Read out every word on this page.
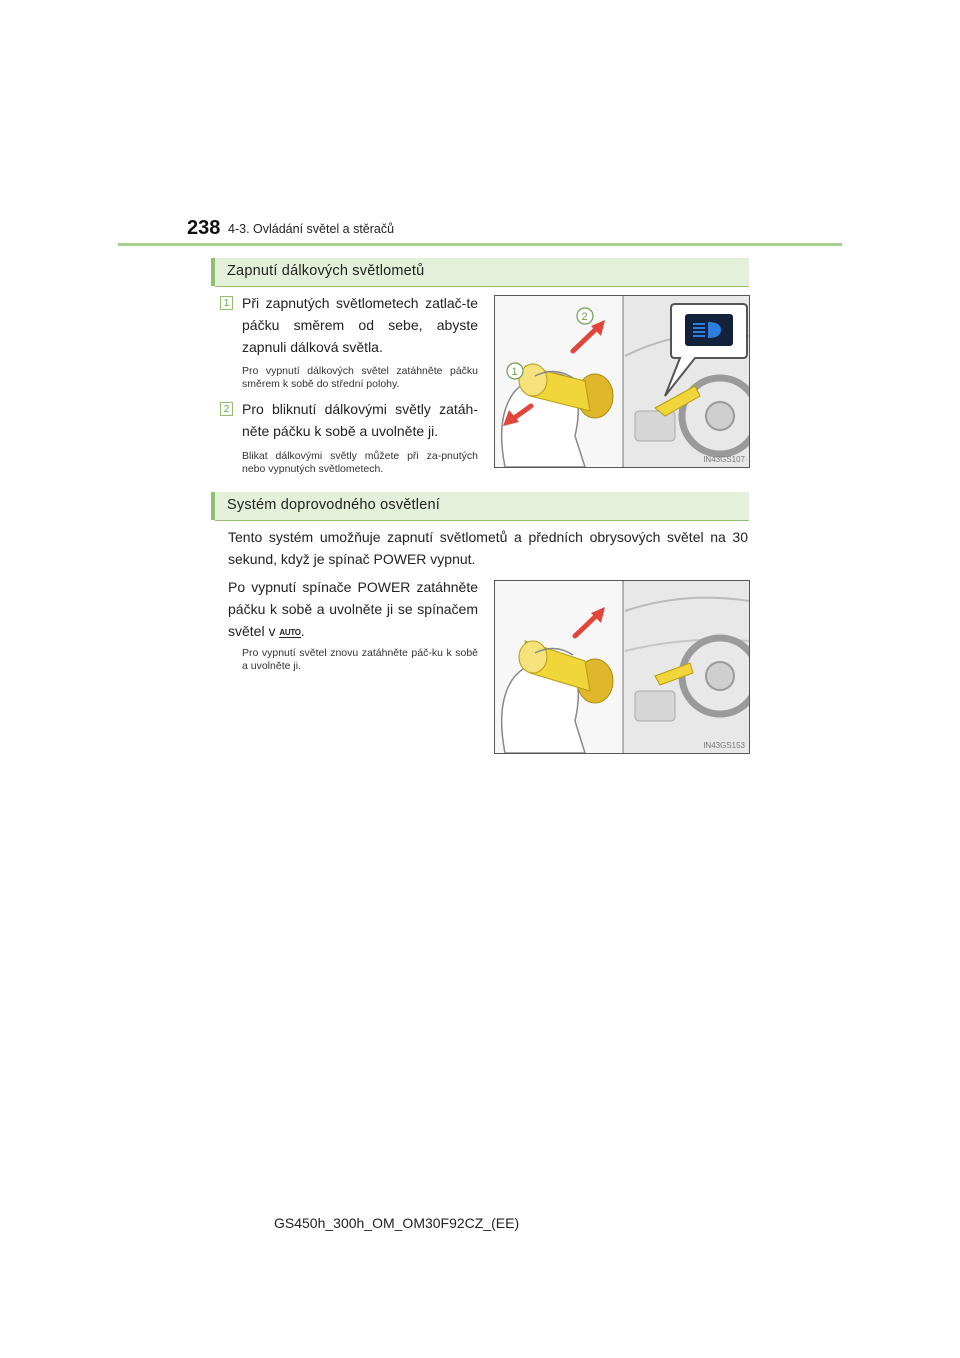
238 4-3. Ovládání světel a stěračů
Zapnutí dálkových světlometů
1 Při zapnutých světlometech zatlač-te páčku směrem od sebe, abyste zapnuli dálková světla.
Pro vypnutí dálkových světel zatáhněte páčku směrem k sobě do střední polohy.
2 Pro bliknutí dálkovými světly zatáh-něte páčku k sobě a uvolněte ji.
Blikat dálkovými světly můžete při za-pnutých nebo vypnutých světlometech.
1
2
IN43GS107
Systém doprovodného osvětlení
Tento systém umožňuje zapnutí světlometů a předních obrysových světel na 30 sekund, když je spínač POWER vypnut.
Po vypnutí spínače POWER zatáhněte páčku k sobě a uvolněte ji se spínačem světel v AUTO.
Pro vypnutí světel znovu zatáhněte páč-ku k sobě a uvolněte ji.
IN43GS153
GS450h_300h_OM_OM30F92CZ_(EE)
